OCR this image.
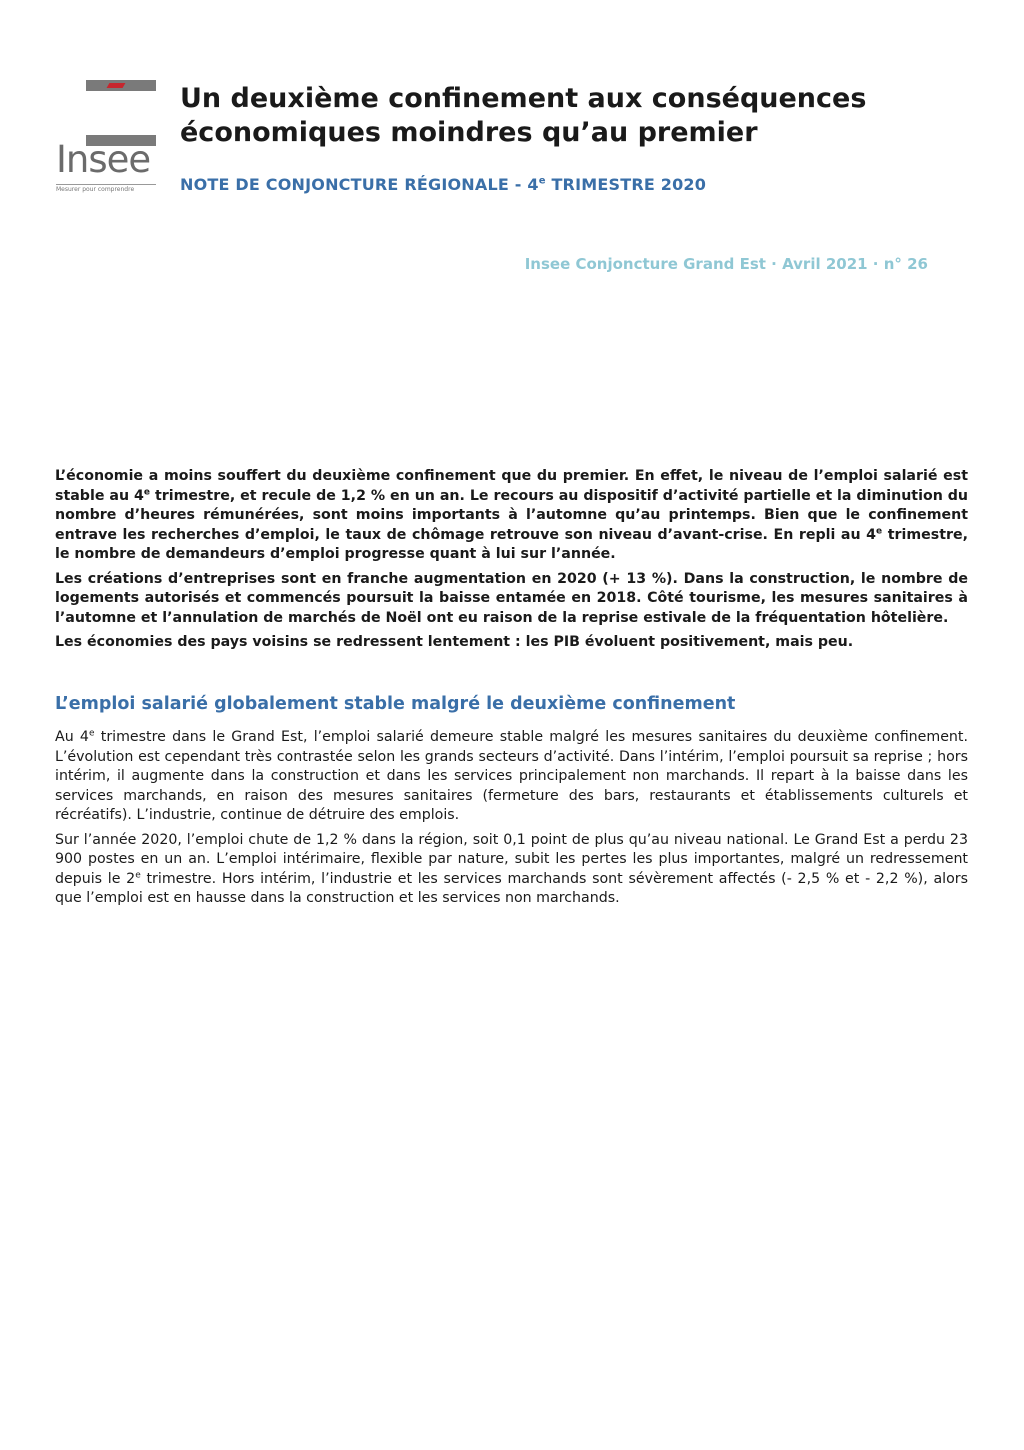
Insee
Mesurer pour comprendre
Un deuxième confinement aux conséquences économiques moindres qu’au premier

NOTE DE CONJONCTURE RÉGIONALE - 4e TRIMESTRE 2020

Insee Conjoncture Grand Est · Avril 2021 · n° 26

L’économie a moins souffert du deuxième confinement que du premier. En effet, le niveau de l’emploi salarié est stable au 4e trimestre, et recule de 1,2 % en un an. Le recours au dispositif d’activité partielle et la diminution du nombre d’heures rémunérées, sont moins importants à l’automne qu’au printemps. Bien que le confinement entrave les recherches d’emploi, le taux de chômage retrouve son niveau d’avant-crise. En repli au 4e trimestre, le nombre de demandeurs d’emploi progresse quant à lui sur l’année.

Les créations d’entreprises sont en franche augmentation en 2020 (+ 13 %). Dans la construction, le nombre de logements autorisés et commencés poursuit la baisse entamée en 2018. Côté tourisme, les mesures sanitaires à l’automne et l’annulation de marchés de Noël ont eu raison de la reprise estivale de la fréquentation hôtelière.

Les économies des pays voisins se redressent lentement : les PIB évoluent positivement, mais peu.

L’emploi salarié globalement stable malgré le deuxième confinement

Au 4e trimestre dans le Grand Est, l’emploi salarié demeure stable malgré les mesures sanitaires du deuxième confinement. L’évolution est cependant très contrastée selon les grands secteurs d’activité. Dans l’intérim, l’emploi poursuit sa reprise ; hors intérim, il augmente dans la construction et dans les services principalement non marchands. Il repart à la baisse dans les services marchands, en raison des mesures sanitaires (fermeture des bars, restaurants et établissements culturels et récréatifs). L’industrie, continue de détruire des emplois.

Sur l’année 2020, l’emploi chute de 1,2 % dans la région, soit 0,1 point de plus qu’au niveau national. Le Grand Est a perdu 23 900 postes en un an. L’emploi intérimaire, flexible par nature, subit les pertes les plus importantes, malgré un redressement depuis le 2e trimestre. Hors intérim, l’industrie et les services marchands sont sévèrement affectés (- 2,5 % et - 2,2 %), alors que l’emploi est en hausse dans la construction et les services non marchands.
